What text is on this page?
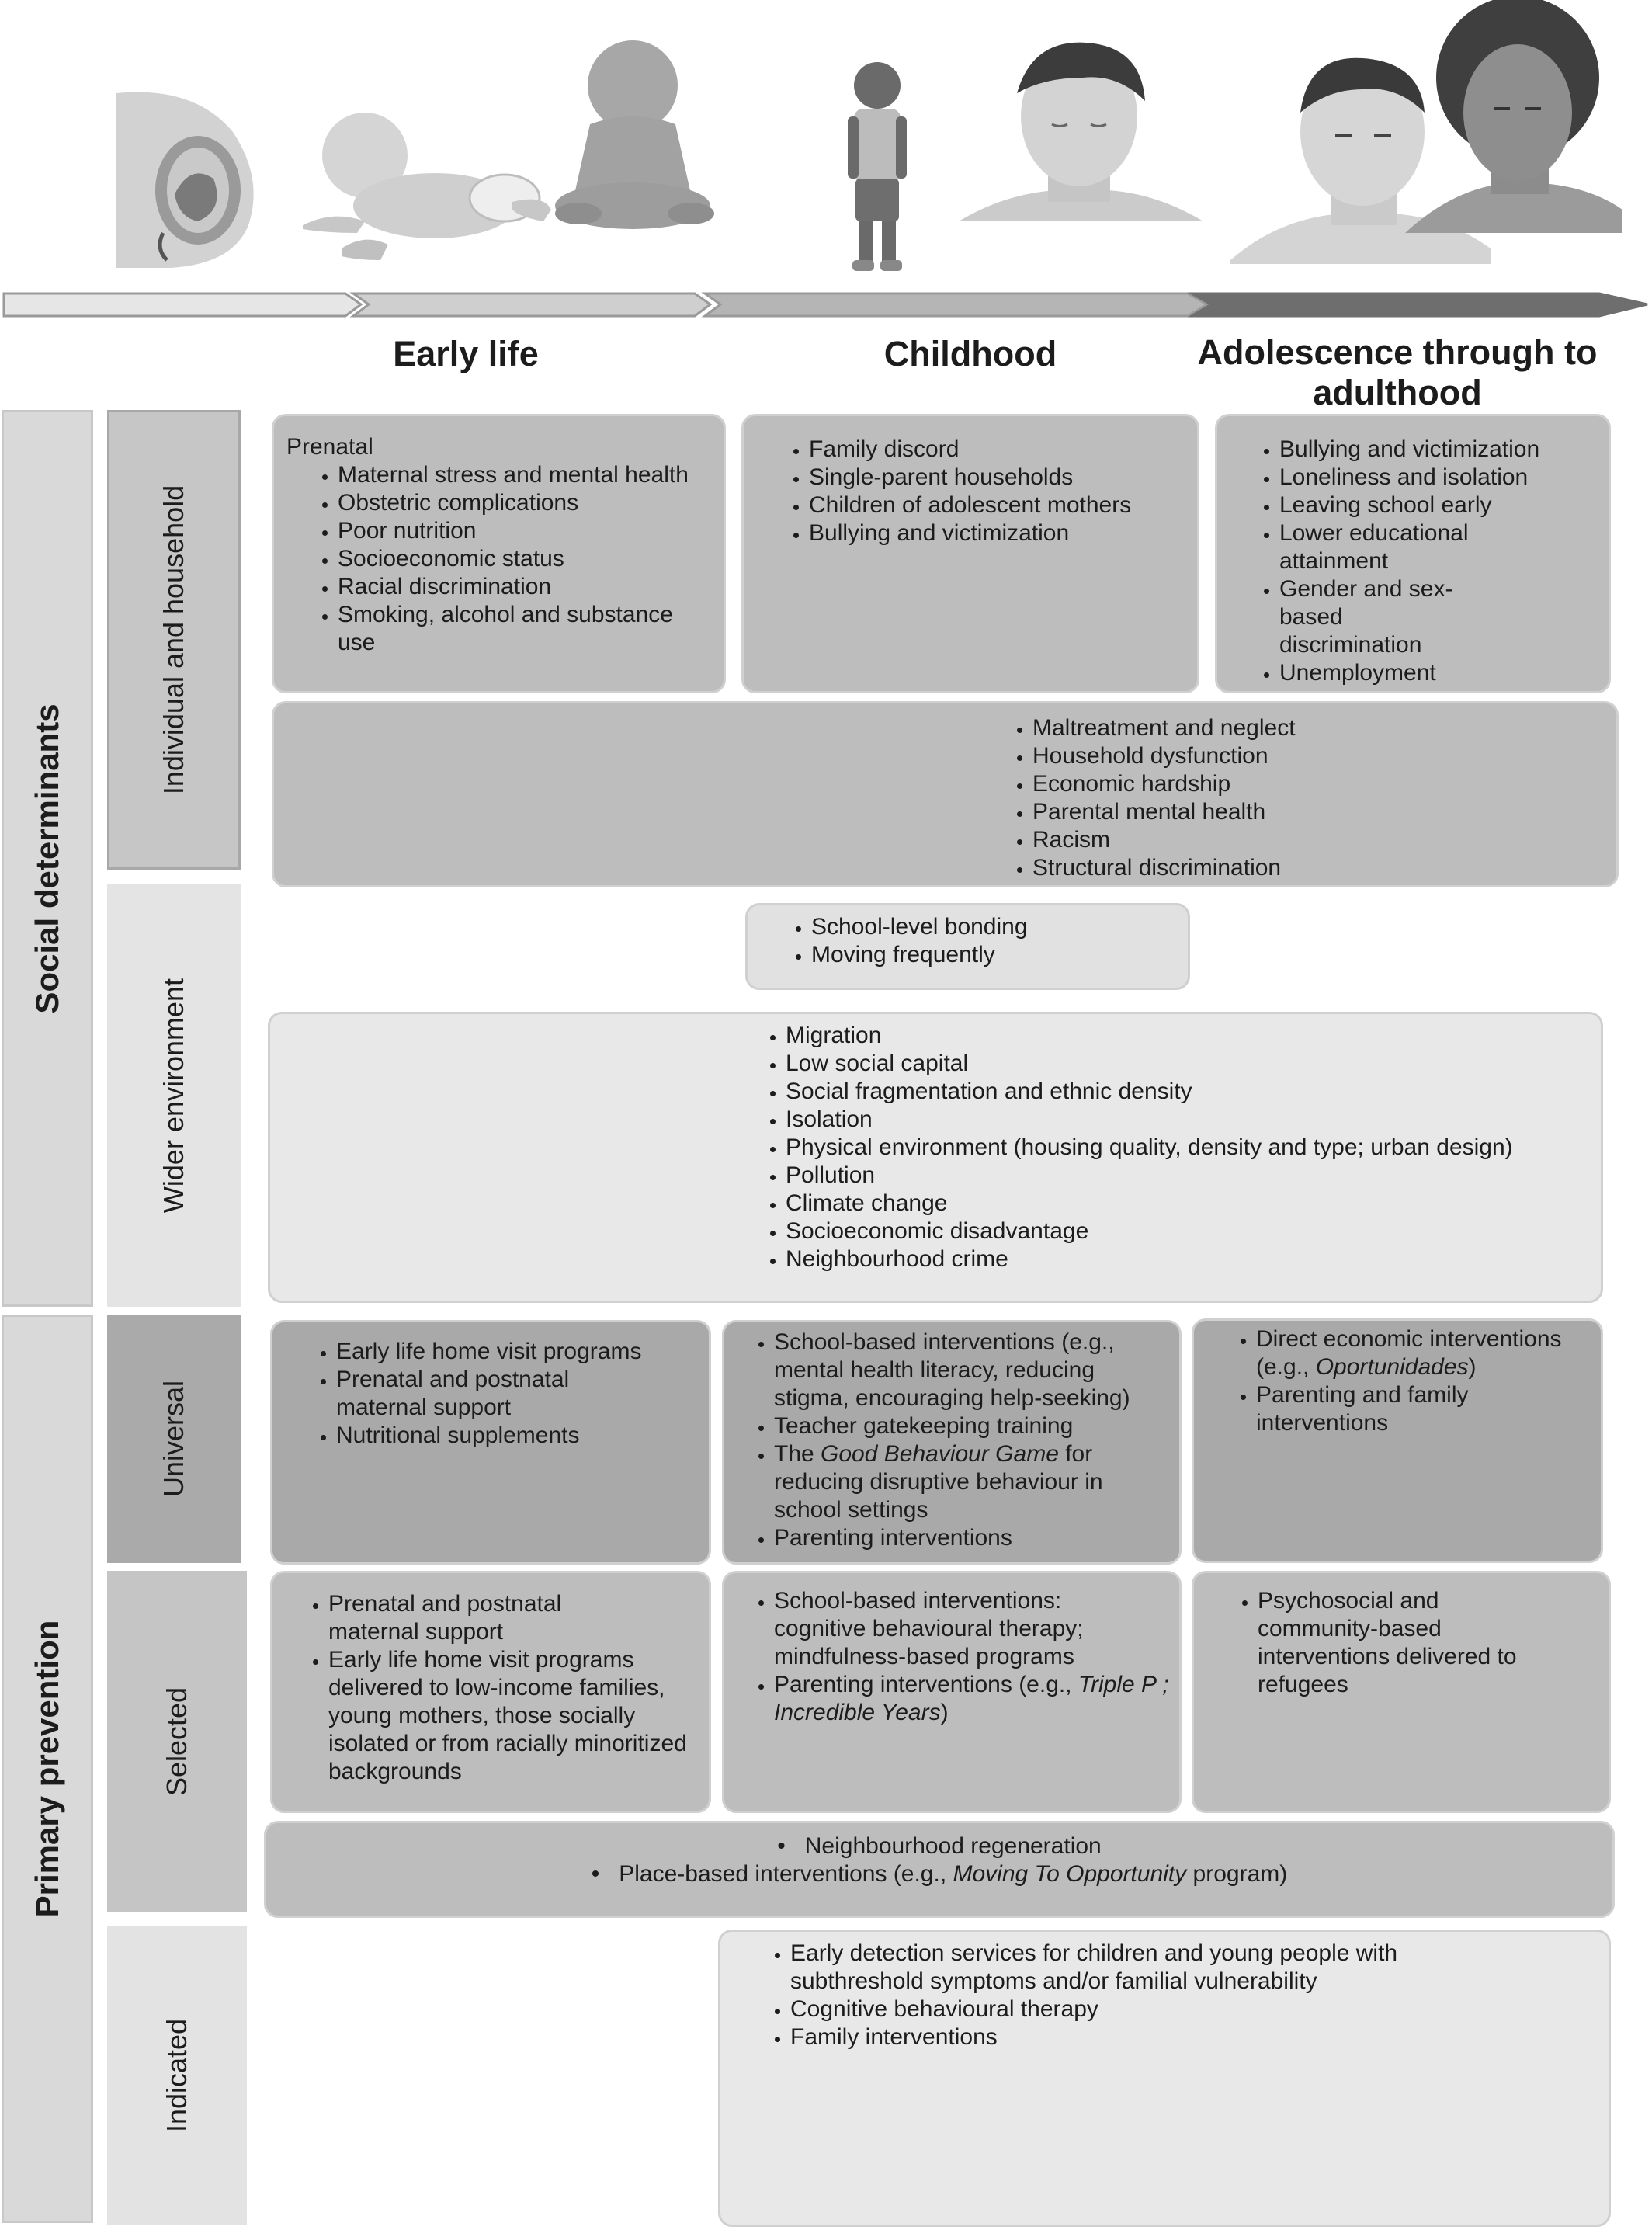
Early life	Childhood	Adolescence through to adulthood
Social determinants
Primary prevention
Individual and household
Wider environment
Universal
Selected
Indicated
Prenatal
• Maternal stress and mental health
• Obstetric complications
• Poor nutrition
• Socioeconomic status
• Racial discrimination
• Smoking, alcohol and substance use
• Family discord
• Single-parent households
• Children of adolescent mothers
• Bullying and victimization
• Bullying and victimization
• Loneliness and isolation
• Leaving school early
• Lower educational attainment
• Gender and sex-based discrimination
• Unemployment
• Maltreatment and neglect
• Household dysfunction
• Economic hardship
• Parental mental health
• Racism
• Structural discrimination
• School-level bonding
• Moving frequently
• Migration
• Low social capital
• Social fragmentation and ethnic density
• Isolation
• Physical environment (housing quality, density and type; urban design)
• Pollution
• Climate change
• Socioeconomic disadvantage
• Neighbourhood crime
• Early life home visit programs
• Prenatal and postnatal maternal support
• Nutritional supplements
• School-based interventions (e.g., mental health literacy, reducing stigma, encouraging help-seeking)
• Teacher gatekeeping training
• The Good Behaviour Game for reducing disruptive behaviour in school settings
• Parenting interventions
• Direct economic interventions (e.g., Oportunidades)
• Parenting and family interventions
• Prenatal and postnatal maternal support
• Early life home visit programs delivered to low-income families, young mothers, those socially isolated or from racially minoritized backgrounds
• School-based interventions: cognitive behavioural therapy; mindfulness-based programs
• Parenting interventions (e.g., Triple P ; Incredible Years)
• Psychosocial and community-based interventions delivered to refugees
•   Neighbourhood regeneration
•   Place-based interventions (e.g., Moving To Opportunity program)
• Early detection services for children and young people with subthreshold symptoms and/or familial vulnerability
• Cognitive behavioural therapy
• Family interventions
